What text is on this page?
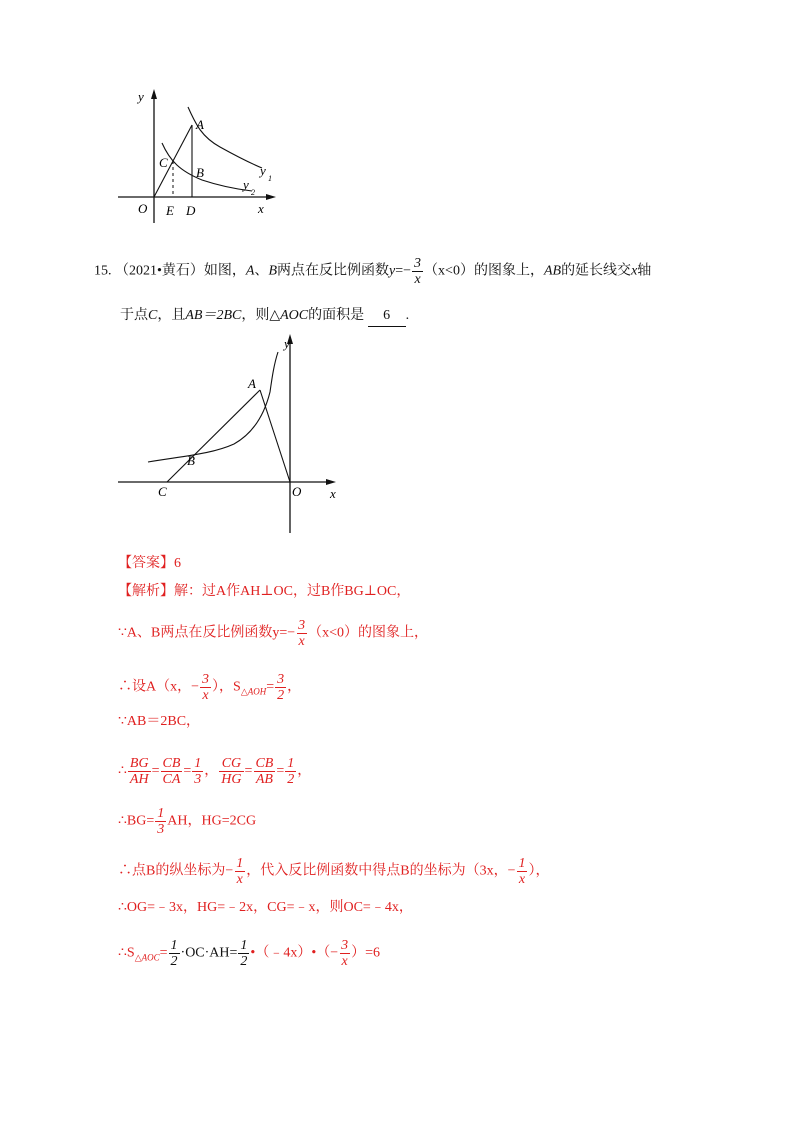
y
A
C
B	y
1
y
2
O E D	x
15. （2021•黄石）如图，A、B两点在反比例函数$y=- \frac{3}{x} (x<0)$的图象上，AB的延长线交x轴
于点C，且AB＝2BC，则△AOC的面积是 6 .
y
A
B
C	O x
【答案】6
【解析】解：过A作AH⊥OC，过B作BG⊥OC，
∵A、B两点在反比例函数$y=- \frac{3}{x} (x<0)$的图象上，
∴设A（x，− $\frac{3}{x}$ ），$S_{\triangle AOH}= \frac{3}{2}$ ，
∵AB＝2BC，
∴ $\frac{BG}{AH} = \frac{CB}{CA} = \frac{1}{3}$ ， $\frac{CG}{HG} = \frac{CB}{AB} = \frac{1}{2}$ ，
∴BG= $\frac{1}{3}$ AH，HG=2CG
∴点B的纵坐标为− $\frac{1}{x}$ ，代入反比例函数中得点B的坐标为（3x，− $\frac{1}{x}$ ），
∴OG=﹣3x，HG=﹣2x，CG=﹣x，则OC=﹣4x，
$\therefore S_{\triangle AOC}= \frac{1}{2} \cdot OC\cdot AH= \frac{1}{2}$ •（﹣4x）•（− $\frac{3}{x} )=6$
